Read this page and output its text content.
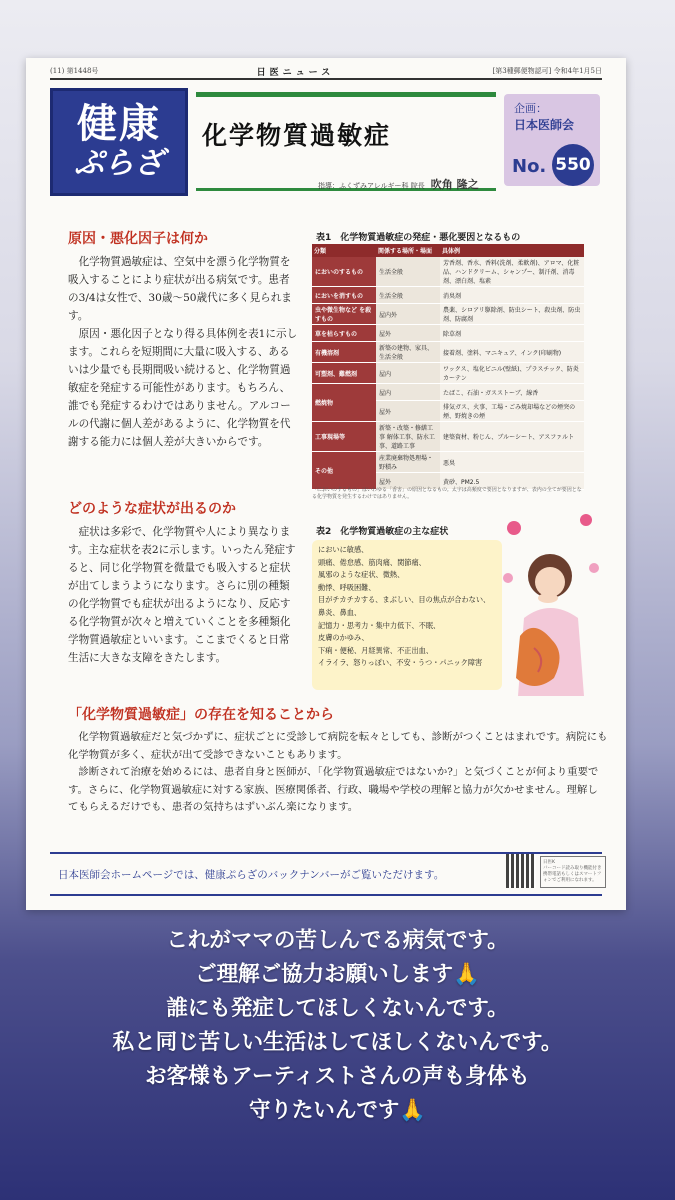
(11) 第1448号	日医ニュース	[第3種郵便物認可] 令和4年1月5日
健康
ぷらざ
化学物質過敏症
指導：ふくずみアレルギー科 院長 吹角 隆之
企画：
日本医師会
No. 550
原因・悪化因子は何か

化学物質過敏症は、空気中を漂う化学物質を吸入することにより症状が出る病気です。患者の3/4は女性で、30歳〜50歳代に多く見られます。

原因・悪化因子となり得る具体例を表1に示します。これらを短期間に大量に吸入する、あるいは少量でも長期間吸い続けると、化学物質過敏症を発症する可能性があります。もちろん、誰でも発症するわけではありません。アルコールの代謝に個人差があるように、化学物質を代謝する能力には個人差が大きいからです。

どのような症状が出るのか

症状は多彩で、化学物質や人により異なります。主な症状を表2に示します。いったん発症すると、同じ化学物質を微量でも吸入すると症状が出てしまうようになります。さらに別の種類の化学物質でも症状が出るようになり、反応する化学物質が次々と増えていくことを多種類化学物質過敏症といいます。ここまでくると日常生活に大きな支障をきたします。

表1　化学物質過敏症の発症・悪化要因となるもの
分類	関係する場所・場面	具体例
においのするもの	生活全般	芳香剤、香水、香料(洗剤、柔軟剤)、アロマ、化粧品、ハンドクリーム、シャンプー、制汗剤、消毒剤、漂白剤、塩素
においを消すもの	生活全般	消臭剤
虫や微生物など を殺すもの	屋内外	農薬、シロアリ駆除剤、防虫シート、殺虫剤、防虫剤、防腐剤
草を枯らすもの	屋外	除草剤
有機溶剤	新築の建物、家具、生活全般	接着剤、塗料、マニキュア、インク(印刷物)
可塑剤、難燃剤	屋内	ワックス、塩化ビニル(壁紙)、プラスチック、防炎カーテン
燃焼物	屋内	たばこ、石油・ガスストーブ、線香
	屋外	排気ガス、火事、工場・ごみ焼却場などの煙突の煙、野焼きの煙
工事現場等	新築・改築・修繕工事 解体工事、防水工事、道路工事	建築資材、粉じん、ブルーシート、アスファルト
その他	産業廃棄物処理場・野積み	悪臭
	屋外	黄砂、PM2.5
「においのするもの」はいわゆる「香害」の原因となるもの。太字は高頻度で要因となりますが、表内の全てが要因となる化学物質を発生するわけではありません。
表2　化学物質過敏症の主な症状
においに敏感、
頭痛、倦怠感、筋肉痛、関節痛、
風邪のような症状、微熱、
動悸、呼吸困難、
目がチカチカする、まぶしい、目の焦点が合わない、
鼻炎、鼻血、
記憶力・思考力・集中力低下、不眠、
皮膚のかゆみ、
下痢・便秘、月経異常、不正出血、
イライラ、怒りっぽい、不安・うつ・パニック障害
「化学物質過敏症」の存在を知ることから

化学物質過敏症だと気づかずに、症状ごとに受診して病院を転々としても、診断がつくことはまれです。病院にも化学物質が多く、症状が出て受診できないこともあります。

診断されて治療を始めるには、患者自身と医師が、「化学物質過敏症ではないか?」と気づくことが何より重要です。さらに、化学物質過敏症に対する家族、医療関係者、行政、職場や学校の理解と協力が欠かせません。理解してもらえるだけでも、患者の気持ちはずいぶん楽になります。

日本医師会ホームページでは、健康ぷらざのバックナンバーがご覧いただけます。
日医K
バーコード読み取り機能付き携帯電話もしくはスマートフォンでご利用になれます。
これがママの苦しんでる病気です。
ご理解ご協力お願いします🙏
誰にも発症してほしくないんです。
私と同じ苦しい生活はしてほしくないんです。
お客様もアーティストさんの声も身体も
守りたいんです🙏
